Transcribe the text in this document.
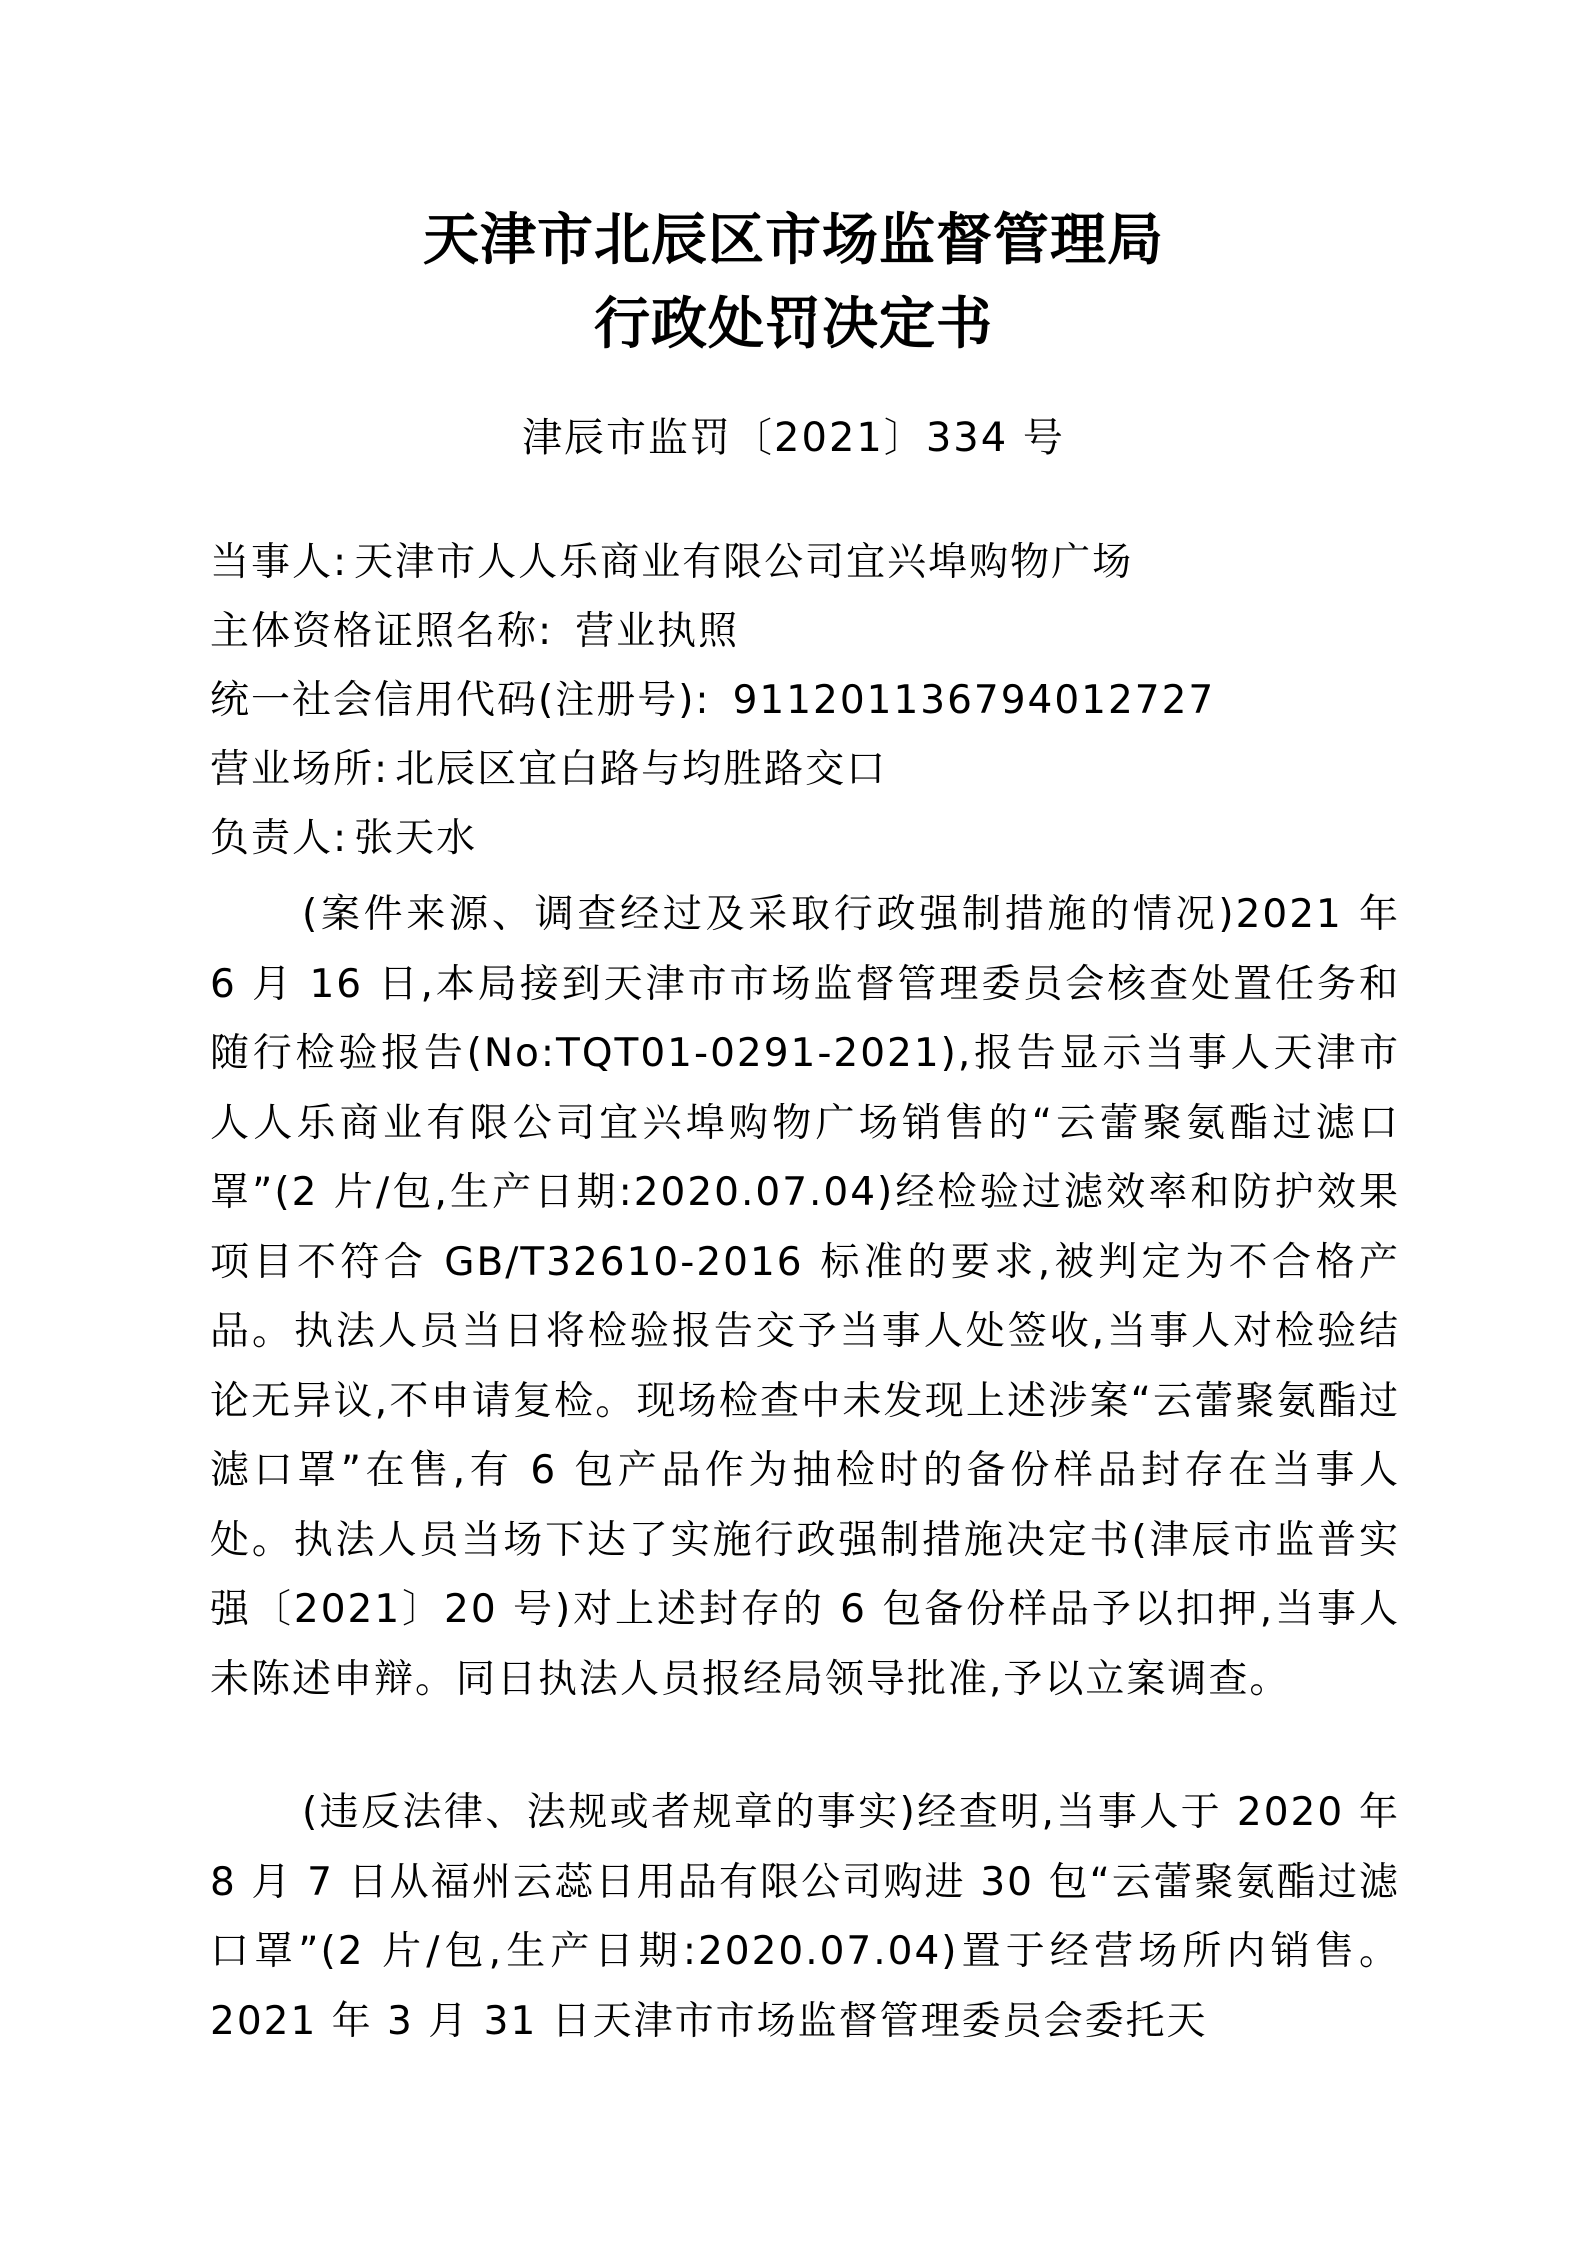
天津市北辰区市场监督管理局
行政处罚决定书
津辰市监罚〔2021〕334 号
当事人: 天津市人人乐商业有限公司宜兴埠购物广场
主体资格证照名称: 营业执照
统一社会信用代码(注册号): 911201136794012727
营业场所: 北辰区宜白路与均胜路交口
负责人: 张天水

(案件来源、调查经过及采取行政强制措施的情况)2021 年 6 月 16 日,本局接到天津市市场监督管理委员会核查处置任务和随行检验报告(No:TQT01-0291-2021),报告显示当事人天津市人人乐商业有限公司宜兴埠购物广场销售的“云蕾聚氨酯过滤口罩”(2 片/包,生产日期:2020.07.04)经检验过滤效率和防护效果项目不符合 GB/T32610-2016 标准的要求,被判定为不合格产品。执法人员当日将检验报告交予当事人处签收,当事人对检验结论无异议,不申请复检。现场检查中未发现上述涉案“云蕾聚氨酯过滤口罩”在售,有 6 包产品作为抽检时的备份样品封存在当事人处。执法人员当场下达了实施行政强制措施决定书(津辰市监普实强〔2021〕20 号)对上述封存的 6 包备份样品予以扣押,当事人未陈述申辩。同日执法人员报经局领导批准,予以立案调查。

(违反法律、法规或者规章的事实)经查明,当事人于 2020 年 8 月 7 日从福州云蕊日用品有限公司购进 30 包“云蕾聚氨酯过滤口罩”(2 片/包,生产日期:2020.07.04)置于经营场所内销售。2021 年 3 月 31 日天津市市场监督管理委员会委托天
